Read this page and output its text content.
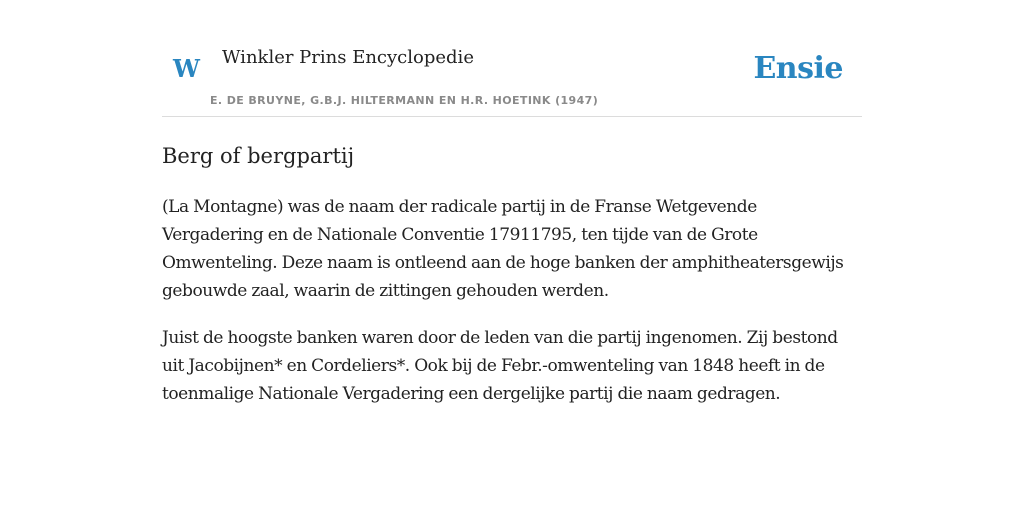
W Winkler Prins Encyclopedie
E. DE BRUYNE, G.B.J. HILTERMANN EN H.R. HOETINK (1947)
Ensie
Berg of bergpartij

(La Montagne) was de naam der radicale partij in de Franse Wetgevende Vergadering en de Nationale Conventie 17911795, ten tijde van de Grote Omwenteling. Deze naam is ontleend aan de hoge banken der amphitheatersgewijs gebouwde zaal, waarin de zittingen gehouden werden.

Juist de hoogste banken waren door de leden van die partij ingenomen. Zij bestond uit Jacobijnen* en Cordeliers*. Ook bij de Febr.-omwenteling van 1848 heeft in de toenmalige Nationale Vergadering een dergelijke partij die naam gedragen.
